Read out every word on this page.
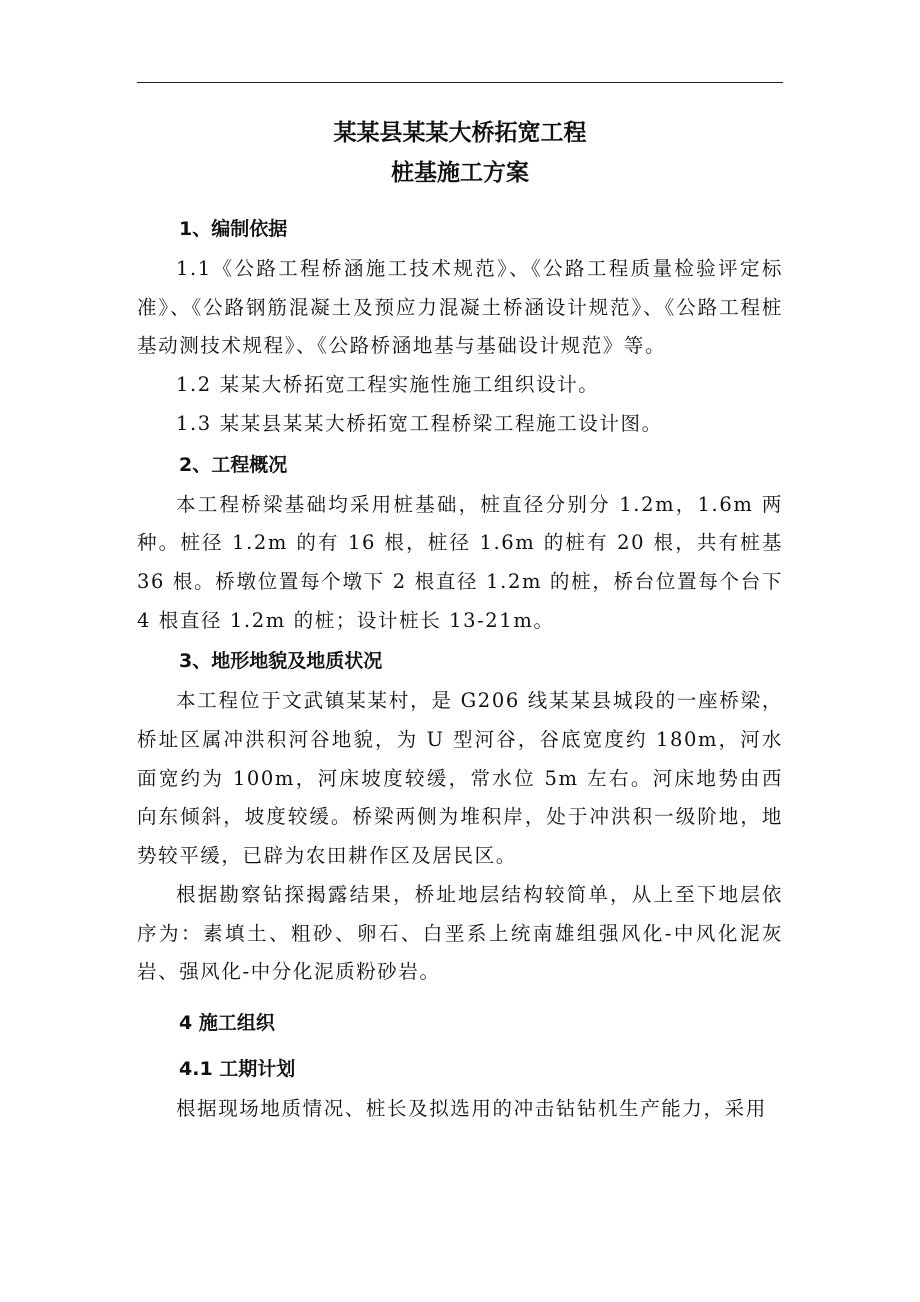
某某县某某大桥拓宽工程
桩基施工方案
1、编制依据

1.1《公路工程桥涵施工技术规范》、《公路工程质量检验评定标准》、《公路钢筋混凝土及预应力混凝土桥涵设计规范》、《公路工程桩基动测技术规程》、《公路桥涵地基与基础设计规范》等。

1.2 某某大桥拓宽工程实施性施工组织设计。

1.3 某某县某某大桥拓宽工程桥梁工程施工设计图。

2、工程概况

本工程桥梁基础均采用桩基础，桩直径分别分 1.2m，1.6m 两种。桩径 1.2m 的有 16 根，桩径 1.6m 的桩有 20 根，共有桩基 36 根。桥墩位置每个墩下 2 根直径 1.2m 的桩，桥台位置每个台下 4 根直径 1.2m 的桩；设计桩长 13-21m。

3、地形地貌及地质状况

本工程位于文武镇某某村，是 G206 线某某县城段的一座桥梁，桥址区属冲洪积河谷地貌，为 U 型河谷，谷底宽度约 180m，河水面宽约为 100m，河床坡度较缓，常水位 5m 左右。河床地势由西向东倾斜，坡度较缓。桥梁两侧为堆积岸，处于冲洪积一级阶地，地势较平缓，已辟为农田耕作区及居民区。

根据勘察钻探揭露结果，桥址地层结构较简单，从上至下地层依序为：素填土、粗砂、卵石、白垩系上统南雄组强风化-中风化泥灰岩、强风化-中分化泥质粉砂岩。

4 施工组织
4.1 工期计划

根据现场地质情况、桩长及拟选用的冲击钻钻机生产能力，采用
